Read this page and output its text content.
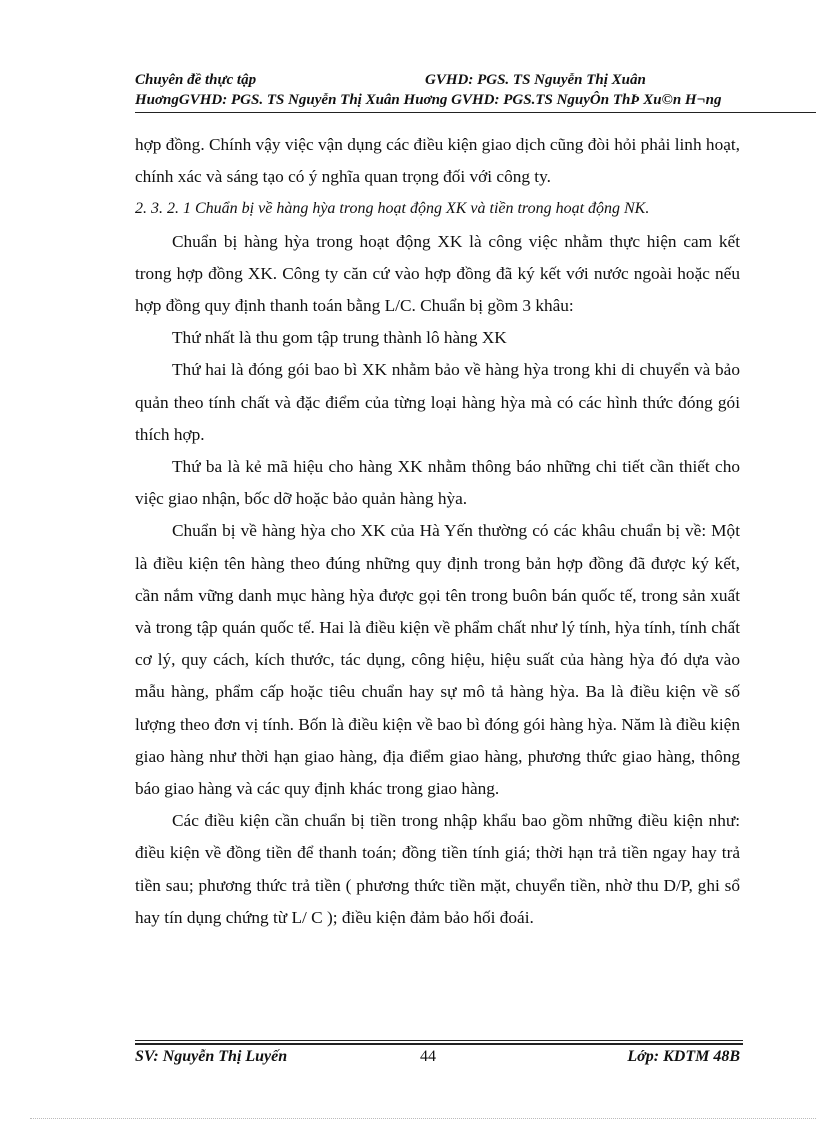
Chuyên đề thực tập	GVHD: PGS. TS Nguyễn Thị Xuân
HuơngGVHD: PGS. TS Nguyễn Thị Xuân Huơng GVHD: PGS.TS NguyÔn ThÞ Xu©n H¬ng

hợp đồng. Chính vậy việc vận dụng các điều kiện giao dịch cũng đòi hỏi phải linh hoạt, chính xác và sáng tạo có ý nghĩa quan trọng đối với công ty.

2. 3. 2. 1 Chuẩn bị về hàng hỳa trong hoạt động XK và tiền trong hoạt động NK.

Chuẩn bị hàng hỳa trong hoạt động XK là công việc nhằm thực hiện cam kết trong hợp đồng XK. Công ty căn cứ vào hợp đồng đã ký kết với nước ngoài hoặc nếu hợp đồng quy định thanh toán bằng L/C. Chuẩn bị gồm 3 khâu:

Thứ nhất là thu gom tập trung thành lô hàng XK

Thứ hai là đóng gói bao bì XK nhằm bảo về hàng hỳa trong khi di chuyển và bảo quản theo tính chất và đặc điểm của từng loại hàng hỳa mà có các hình thức đóng gói thích hợp.

Thứ ba là kẻ mã hiệu cho hàng XK nhằm thông báo những chi tiết cần thiết cho việc giao nhận, bốc dỡ hoặc bảo quản hàng hỳa.

Chuẩn bị về hàng hỳa cho XK của Hà Yến thường có các khâu chuẩn bị về: Một là điều kiện tên hàng theo đúng những quy định trong bản hợp đồng đã được ký kết, cần nắm vững danh mục hàng hỳa được gọi tên trong buôn bán quốc tế, trong sản xuất và trong tập quán quốc tế. Hai là điều kiện về phẩm chất như lý tính, hỳa tính, tính chất cơ lý, quy cách, kích thước, tác dụng, công hiệu, hiệu suất của hàng hỳa đó dựa vào mẫu hàng, phẩm cấp hoặc tiêu chuẩn hay sự mô tả hàng hỳa. Ba là điều kiện về số lượng theo đơn vị tính. Bốn là điều kiện về bao bì đóng gói hàng hỳa. Năm là điều kiện giao hàng như thời hạn giao hàng, địa điểm giao hàng, phương thức giao hàng, thông báo giao hàng và các quy định khác trong giao hàng.

Các điều kiện cần chuẩn bị tiền trong nhập khẩu bao gồm những điều kiện như: điều kiện về đồng tiền để thanh toán; đồng tiền tính giá; thời hạn trả tiền ngay hay trả tiền sau; phương thức trả tiền ( phương thức tiền mặt, chuyển tiền, nhờ thu D/P, ghi sổ hay tín dụng chứng từ L/ C ); điều kiện đảm bảo hối đoái.

SV: Nguyễn Thị Luyến	44	Lớp: KDTM 48B
